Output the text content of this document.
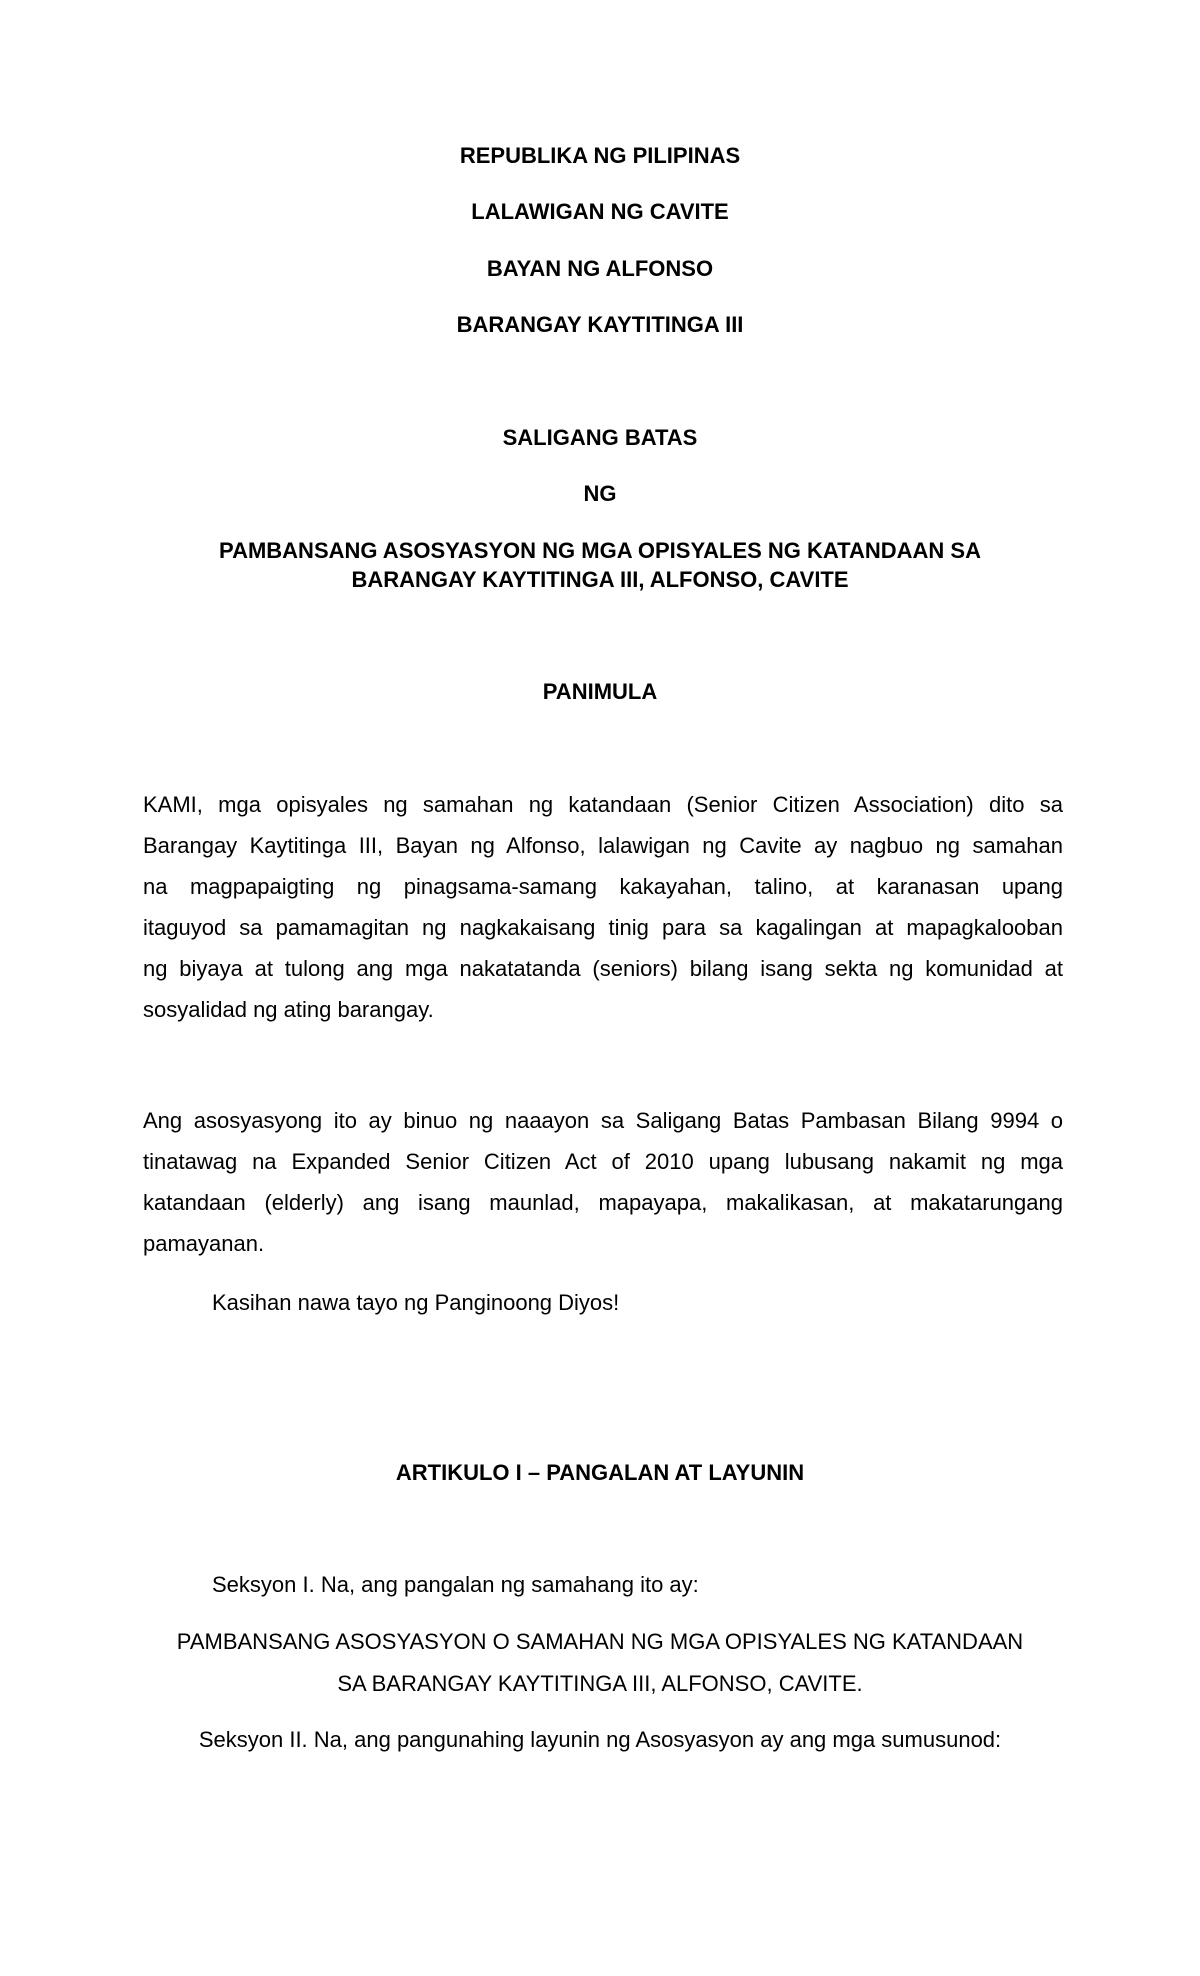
REPUBLIKA NG PILIPINAS
LALAWIGAN NG CAVITE
BAYAN NG ALFONSO
BARANGAY KAYTITINGA III
SALIGANG BATAS
NG
PAMBANSANG ASOSYASYON NG MGA OPISYALES NG KATANDAAN SA
BARANGAY KAYTITINGA III, ALFONSO, CAVITE
PANIMULA
KAMI, mga opisyales ng samahan ng katandaan (Senior Citizen Association) dito sa
Barangay Kaytitinga III, Bayan ng Alfonso, lalawigan ng Cavite ay nagbuo ng samahan
na magpapaigting ng pinagsama-samang kakayahan, talino, at karanasan upang
itaguyod sa pamamagitan ng nagkakaisang tinig para sa kagalingan at mapagkalooban
ng biyaya at tulong ang mga nakatatanda (seniors) bilang isang sekta ng komunidad at
sosyalidad ng ating barangay.
Ang asosyasyong ito ay binuo ng naaayon sa Saligang Batas Pambasan Bilang 9994 o
tinatawag na Expanded Senior Citizen Act of 2010 upang lubusang nakamit ng mga
katandaan (elderly) ang isang maunlad, mapayapa, makalikasan, at makatarungang
pamayanan.
Kasihan nawa tayo ng Panginoong Diyos!
ARTIKULO I – PANGALAN AT LAYUNIN
Seksyon I. Na, ang pangalan ng samahang ito ay:
PAMBANSANG ASOSYASYON O SAMAHAN NG MGA OPISYALES NG KATANDAAN
SA BARANGAY KAYTITINGA III, ALFONSO, CAVITE.
Seksyon II. Na, ang pangunahing layunin ng Asosyasyon ay ang mga sumusunod:
